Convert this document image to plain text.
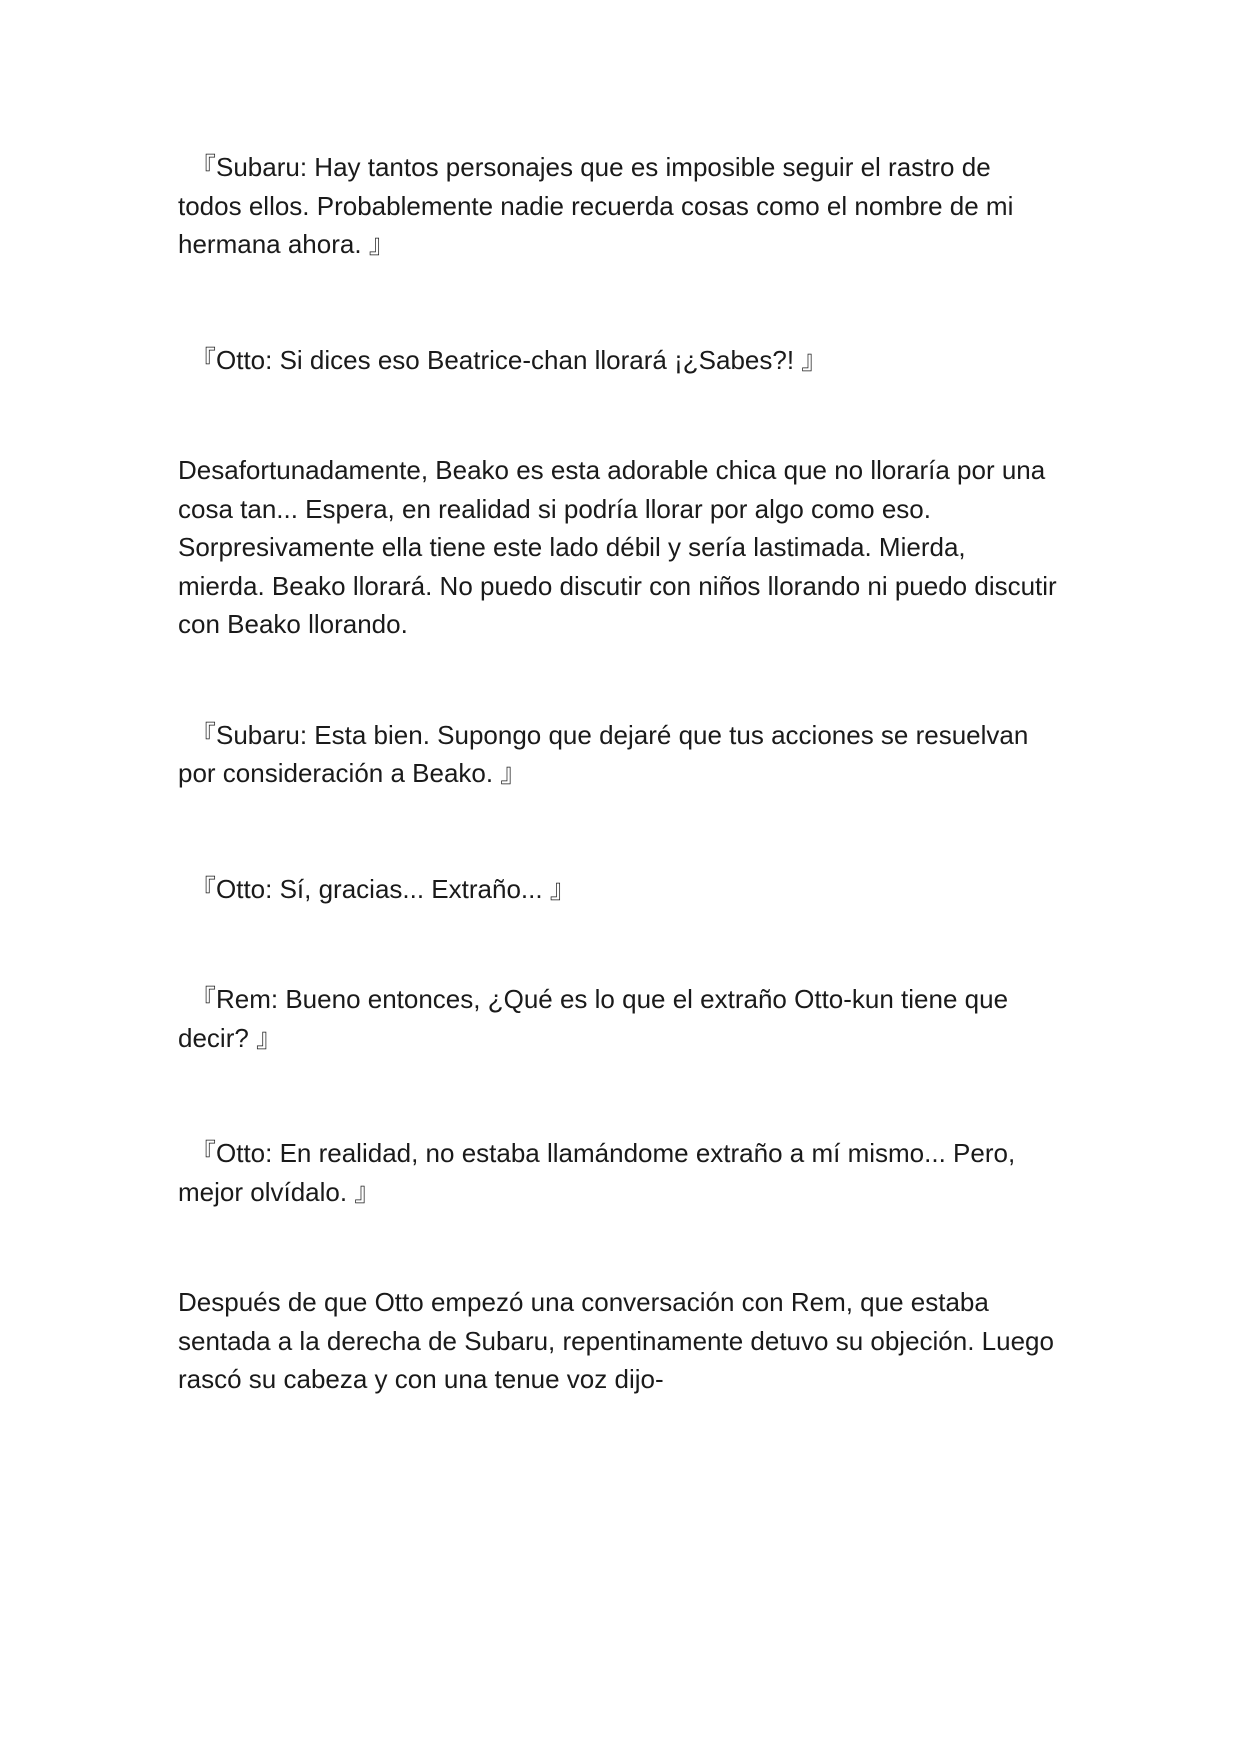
『Subaru: Hay tantos personajes que es imposible seguir el rastro de todos ellos. Probablemente nadie recuerda cosas como el nombre de mi hermana ahora. 』

『Otto: Si dices eso Beatrice-chan llorará ¡¿Sabes?! 』

Desafortunadamente, Beako es esta adorable chica que no lloraría por una cosa tan... Espera, en realidad si podría llorar por algo como eso. Sorpresivamente ella tiene este lado débil y sería lastimada. Mierda, mierda. Beako llorará. No puedo discutir con niños llorando ni puedo discutir con Beako llorando.

『Subaru: Esta bien. Supongo que dejaré que tus acciones se resuelvan por consideración a Beako. 』

『Otto: Sí, gracias... Extraño... 』

『Rem: Bueno entonces, ¿Qué es lo que el extraño Otto-kun tiene que decir? 』

『Otto: En realidad, no estaba llamándome extraño a mí mismo... Pero, mejor olvídalo. 』

Después de que Otto empezó una conversación con Rem, que estaba sentada a la derecha de Subaru, repentinamente detuvo su objeción. Luego rascó su cabeza y con una tenue voz dijo-
